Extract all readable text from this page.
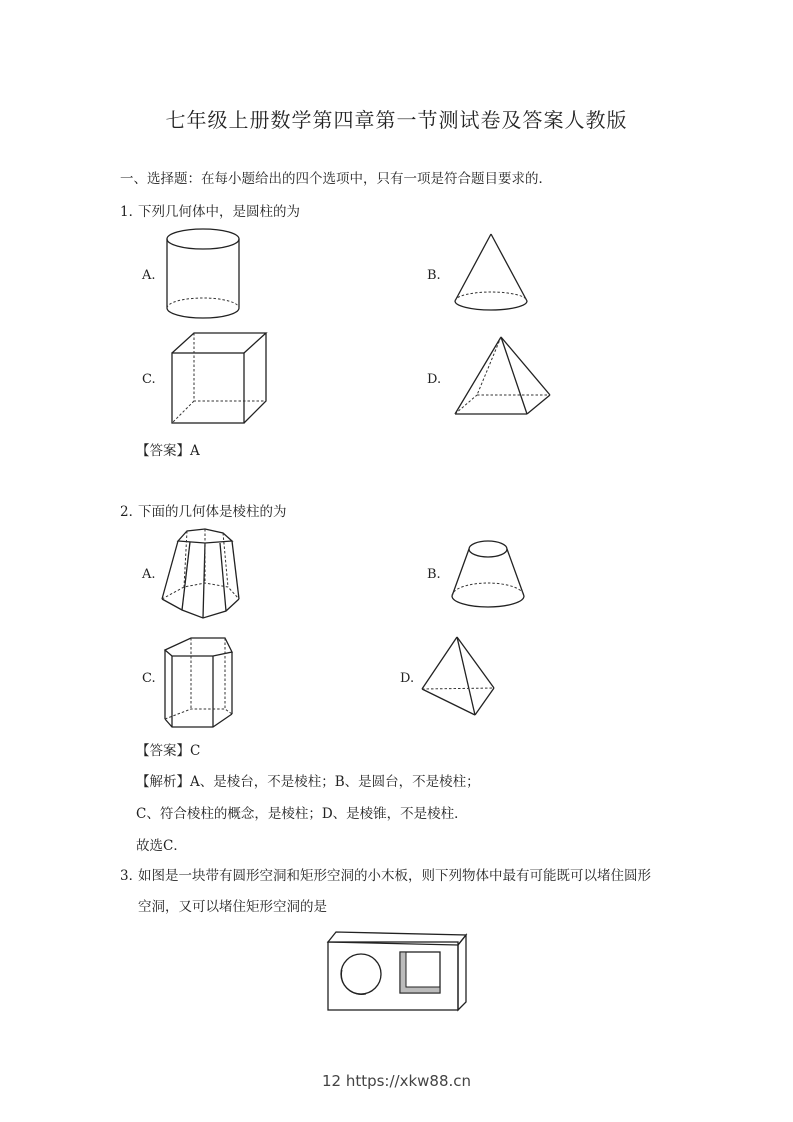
七年级上册数学第四章第一节测试卷及答案人教版
一、选择题：在每小题给出的四个选项中，只有一项是符合题目要求的．
1．
下列几何体中，是圆柱的为
A.	B.
C.	D.
【答案】A
2．
下面的几何体是棱柱的为
A.	B.
C.	D.
【答案】C
【解析】A、是棱台，不是棱柱；B、是圆台，不是棱柱；
C、符合棱柱的概念，是棱柱；D、是棱锥，不是棱柱．
故选C．
3．
如图是一块带有圆形空洞和矩形空洞的小木板，则下列物体中最有可能既可以堵住圆形
空洞，又可以堵住矩形空洞的是
12 https://xkw88.cn
